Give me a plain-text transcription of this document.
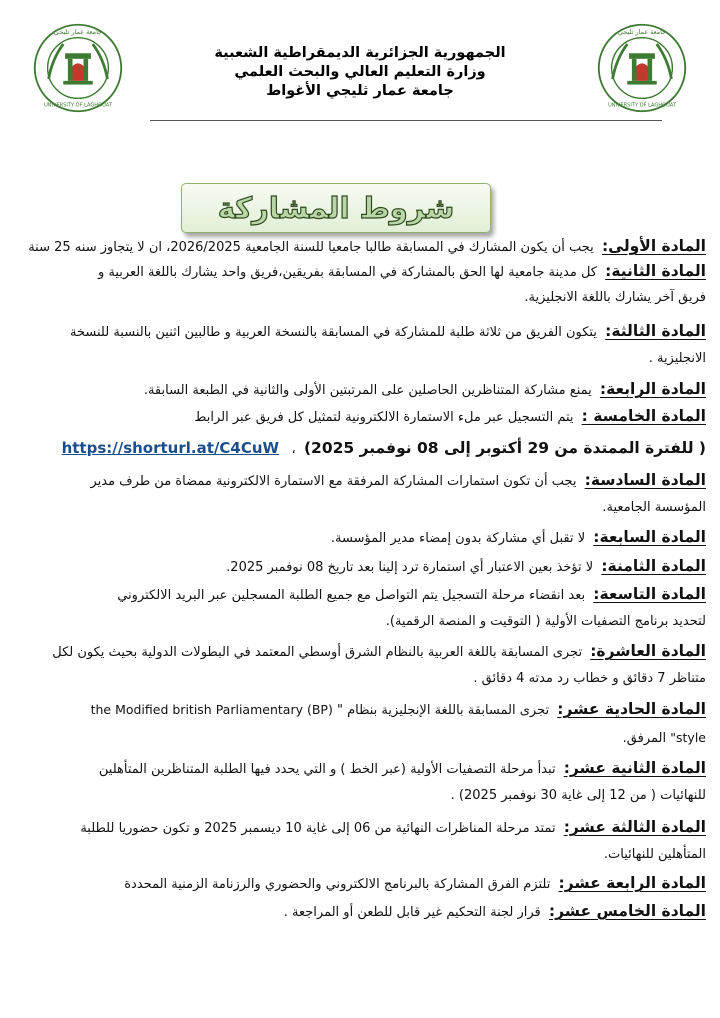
جامعة عمار ثليجي
UNIVERSITY OF LAGHOUAT
جامعة عمار ثليجي
UNIVERSITY OF LAGHOUAT
الجمهورية الجزائرية الديمقراطية الشعبية
وزارة التعليم العالي والبحث العلمي
جامعة عمار ثليجي الأغواط
شروط المشاركة
المادة الأولى: يجب أن يكون المشارك في المسابقة طالبا جامعيا للسنة الجامعية 2026/2025، ان لا يتجاوز سنه 25 سنة
المادة الثانية: كل مدينة جامعية لها الحق بالمشاركة في المسابقة بفريقين،فريق واحد يشارك باللغة العربية و
فريق آخر يشارك باللغة الانجليزية.
المادة الثالثة: يتكون الفريق من ثلاثة طلبة للمشاركة في المسابقة بالنسخة العربية و طالبين اثنين بالنسبة للنسخة
الانجليزية .
المادة الرابعة: يمنع مشاركة المتناظرين الحاصلين على المرتبتين الأولى والثانية في الطبعة السابقة.
المادة الخامسة : يتم التسجيل عبر ملء الاستمارة الالكترونية لتمثيل كل فريق عبر الرابط
( للفترة الممتدة من 29 أكتوبر إلى 08 نوفمبر 2025)  ،   https://shorturl.at/C4CuW
المادة السادسة: يجب أن تكون استمارات المشاركة المرفقة مع الاستمارة الالكترونية ممضاة من طرف مدير
المؤسسة الجامعية.
المادة السابعة: لا تقبل أي مشاركة بدون إمضاء مدير المؤسسة.
المادة الثامنة: لا تؤخذ بعين الاعتبار أي استمارة ترد إلينا بعد تاريخ 08 نوفمبر 2025.
المادة التاسعة: بعد انقضاء مرحلة التسجيل يتم التواصل مع جميع الطلبة المسجلين عبر البريد الالكتروني
لتحديد برنامج التصفيات الأولية ( التوقيت و المنصة الرقمية).
المادة العاشرة: تجرى المسابقة باللغة العربية بالنظام الشرق أوسطي المعتمد في البطولات الدولية بحيث يكون لكل
متناظر 7 دقائق و خطاب رد مدته 4 دقائق .
المادة الحادية عشر: تجرى المسابقة باللغة الإنجليزية بنظام " the Modified british Parliamentary (BP)
"style المرفق.
المادة الثانية عشر: تبدأ مرحلة التصفيات الأولية (عبر الخط ) و التي يحدد فيها الطلبة المتناظرين المتأهلين
للنهائيات ( من 12 إلى غاية 30 نوفمبر 2025) .
المادة الثالثة عشر: تمتد مرحلة المناظرات النهائية من 06 إلى غاية 10 ديسمبر 2025 و تكون حضوريا للطلبة
المتأهلين للنهائيات.
المادة الرابعة عشر: تلتزم الفرق المشاركة بالبرنامج الالكتروني والحضوري والرزنامة الزمنية المحددة
المادة الخامس عشر: قرار لجنة التحكيم غير قابل للطعن أو المراجعة .
